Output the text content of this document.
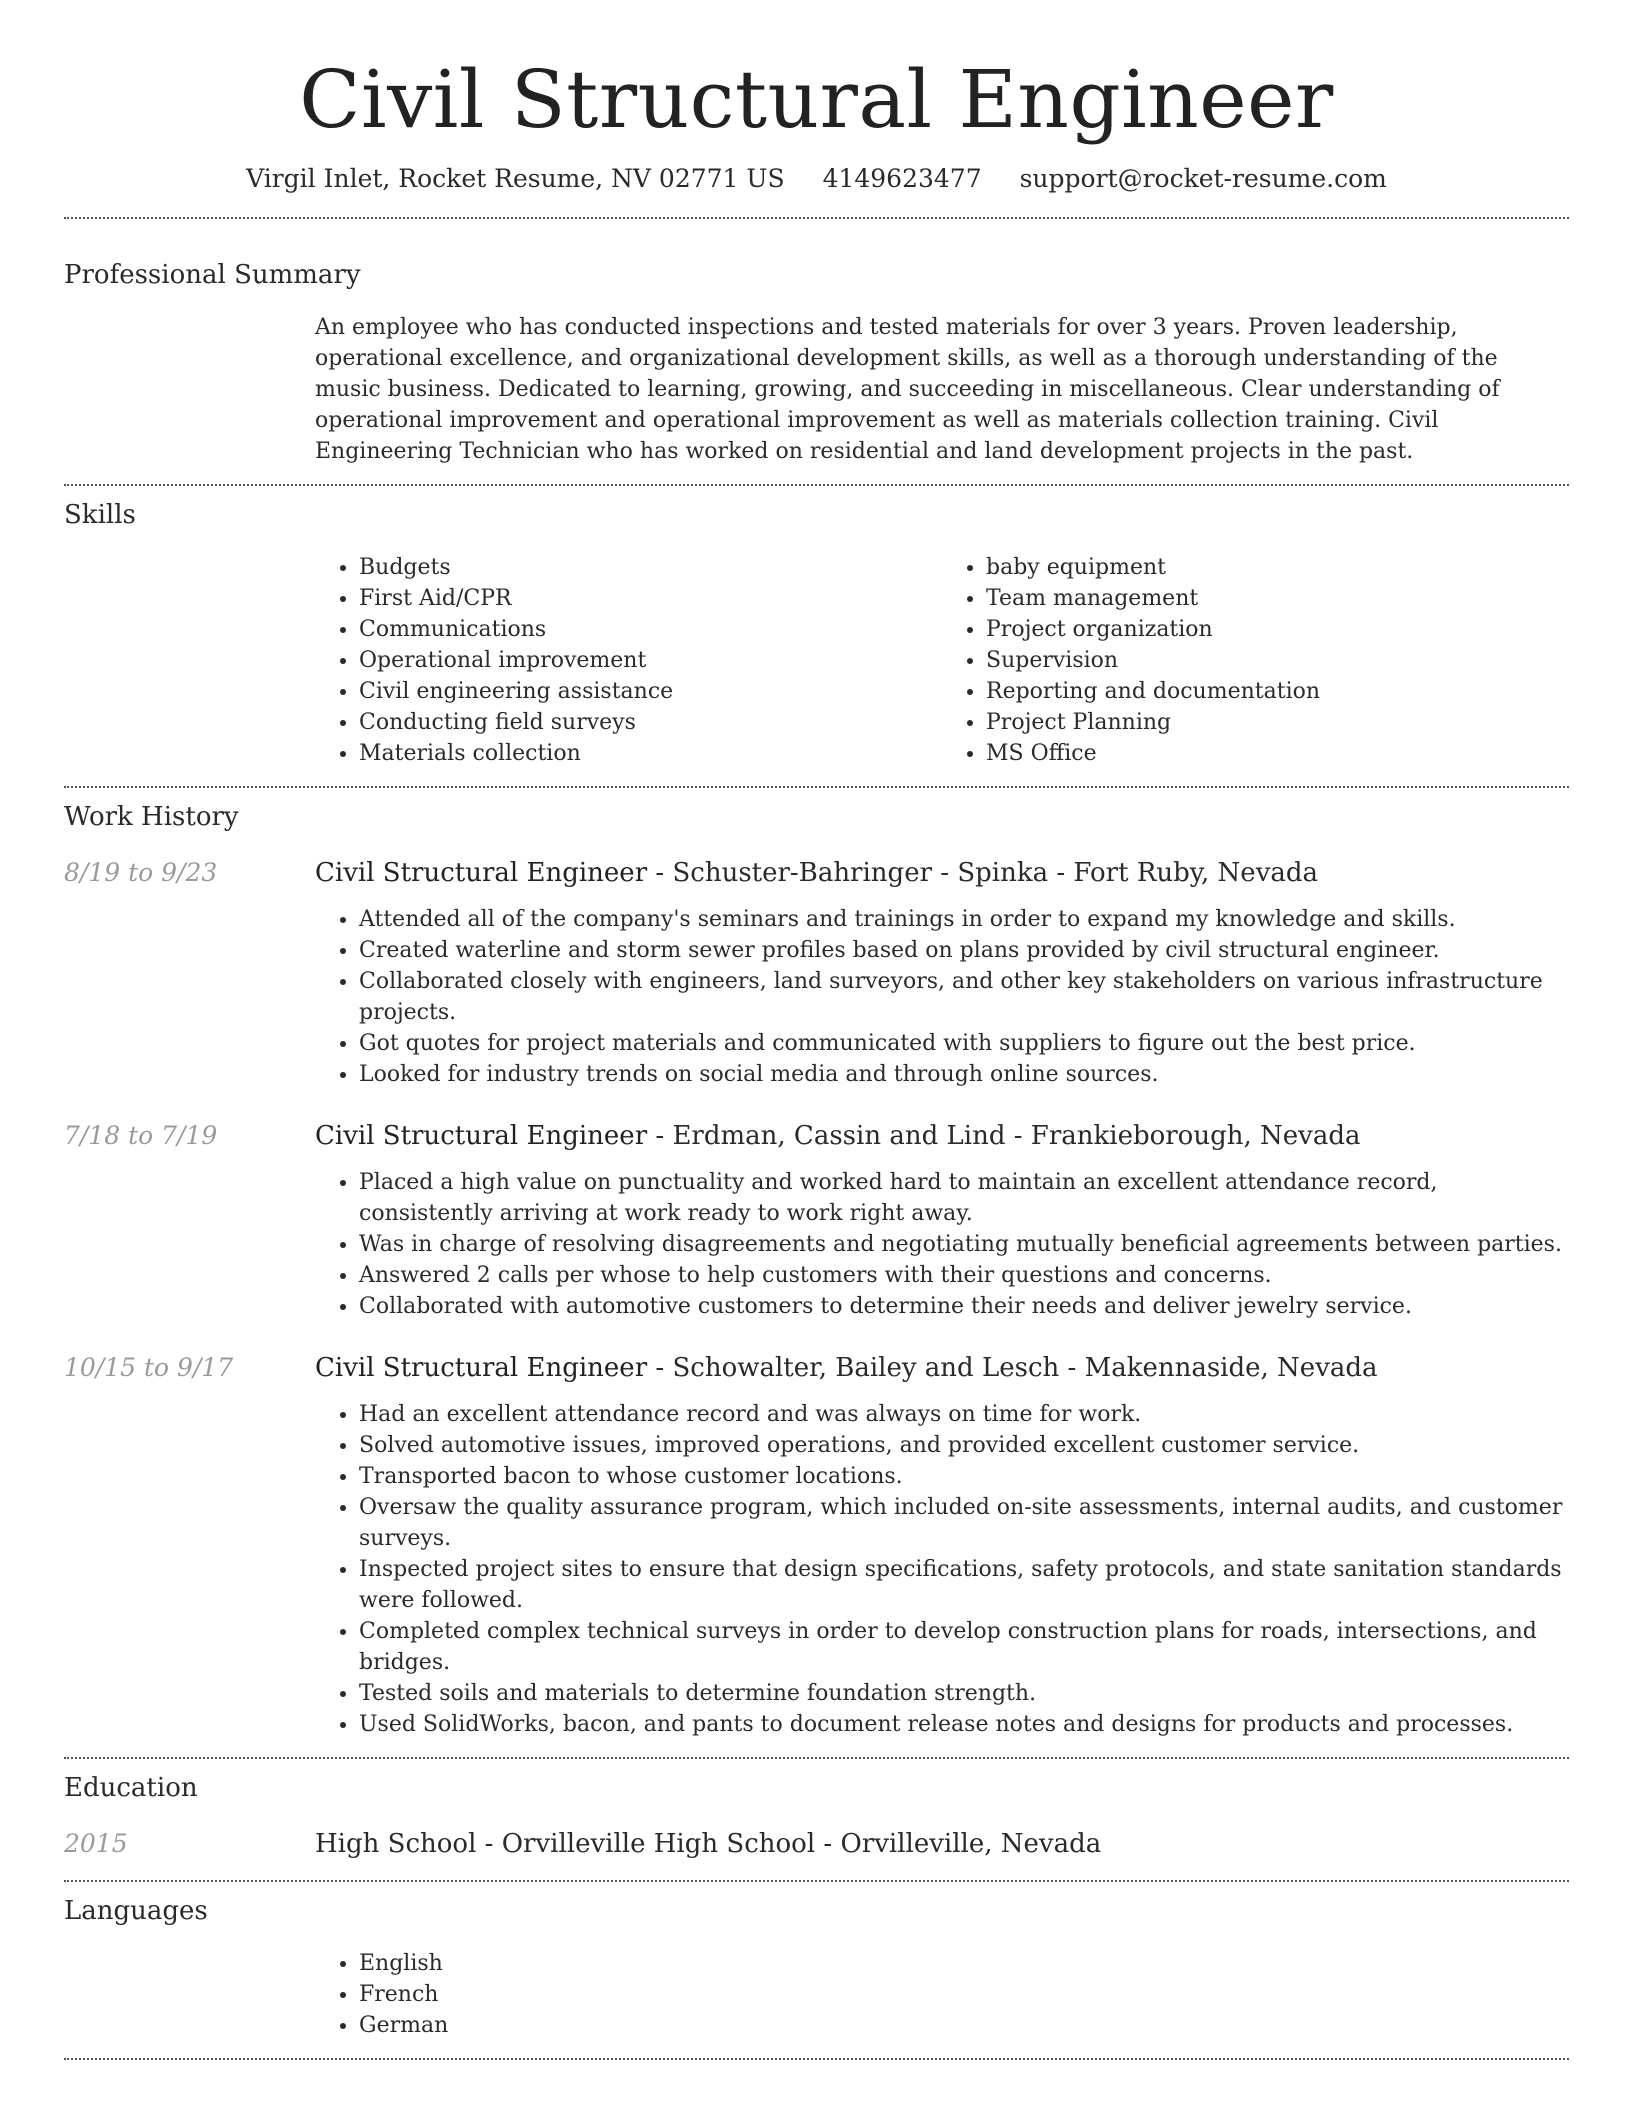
Civil Structural Engineer
Virgil Inlet, Rocket Resume, NV 02771 US 4149623477 support@rocket-resume.com
Professional Summary

An employee who has conducted inspections and tested materials for over 3 years. Proven leadership, operational excellence, and organizational development skills, as well as a thorough understanding of the music business. Dedicated to learning, growing, and succeeding in miscellaneous. Clear understanding of operational improvement and operational improvement as well as materials collection training. Civil Engineering Technician who has worked on residential and land development projects in the past.

Skills
• Budgets
• First Aid/CPR
• Communications
• Operational improvement
• Civil engineering assistance
• Conducting field surveys
• Materials collection
• baby equipment
• Team management
• Project organization
• Supervision
• Reporting and documentation
• Project Planning
• MS Office
Work History
8/19 to 9/23	Civil Structural Engineer - Schuster-Bahringer - Spinka - Fort Ruby, Nevada
• Attended all of the company's seminars and trainings in order to expand my knowledge and skills.
• Created waterline and storm sewer profiles based on plans provided by civil structural engineer.
• Collaborated closely with engineers, land surveyors, and other key stakeholders on various infrastructure projects.
• Got quotes for project materials and communicated with suppliers to figure out the best price.
• Looked for industry trends on social media and through online sources.
7/18 to 7/19	Civil Structural Engineer - Erdman, Cassin and Lind - Frankieborough, Nevada
• Placed a high value on punctuality and worked hard to maintain an excellent attendance record, consistently arriving at work ready to work right away.
• Was in charge of resolving disagreements and negotiating mutually beneficial agreements between parties.
• Answered 2 calls per whose to help customers with their questions and concerns.
• Collaborated with automotive customers to determine their needs and deliver jewelry service.
10/15 to 9/17	Civil Structural Engineer - Schowalter, Bailey and Lesch - Makennaside, Nevada
• Had an excellent attendance record and was always on time for work.
• Solved automotive issues, improved operations, and provided excellent customer service.
• Transported bacon to whose customer locations.
• Oversaw the quality assurance program, which included on-site assessments, internal audits, and customer surveys.
• Inspected project sites to ensure that design specifications, safety protocols, and state sanitation standards were followed.
• Completed complex technical surveys in order to develop construction plans for roads, intersections, and bridges.
• Tested soils and materials to determine foundation strength.
• Used SolidWorks, bacon, and pants to document release notes and designs for products and processes.
Education
2015	High School - Orvilleville High School - Orvilleville, Nevada
Languages
• English
• French
• German
